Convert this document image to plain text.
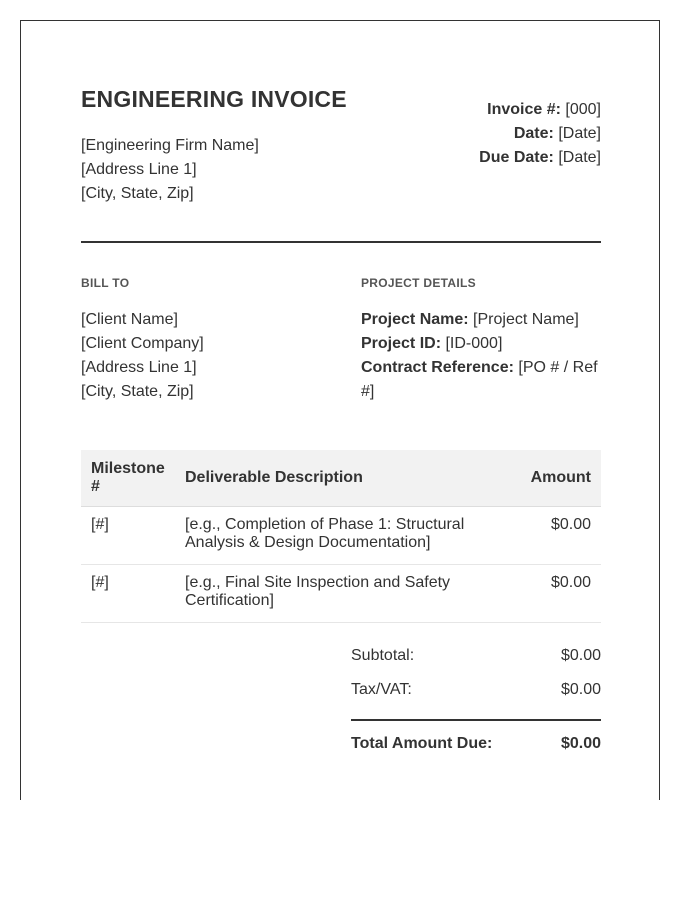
ENGINEERING INVOICE
[Engineering Firm Name]
[Address Line 1]
[City, State, Zip]
Invoice #: [000]
Date: [Date]
Due Date: [Date]
BILL TO	PROJECT DETAILS
[Client Name]
[Client Company]
[Address Line 1]
[City, State, Zip]
Project Name: [Project Name]
Project ID: [ID-000]
Contract Reference: [PO # / Ref #]
Milestone #	Deliverable Description	Amount
[#]	[e.g., Completion of Phase 1: Structural Analysis & Design Documentation]	$0.00
[#]	[e.g., Final Site Inspection and Safety Certification]	$0.00
Subtotal:	$0.00
Tax/VAT:	$0.00
Total Amount Due:	$0.00
